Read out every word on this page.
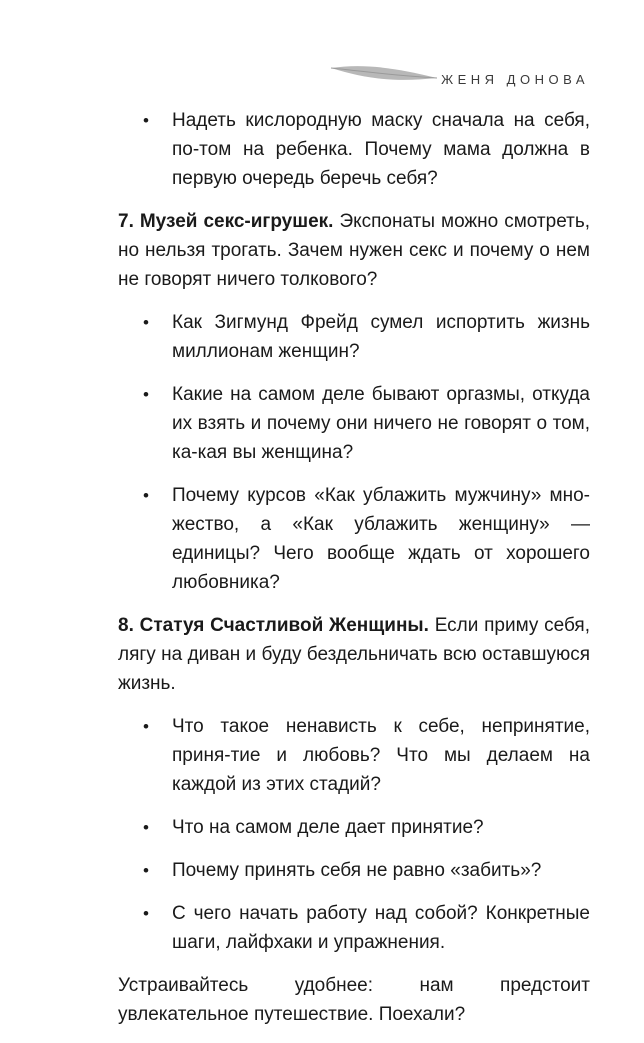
ЖЕНЯ ДОНОВА
• Надеть кислородную маску сначала на себя, по-том на ребенка. Почему мама должна в первую очередь беречь себя?

7. Музей секс-игрушек. Экспонаты можно смотреть, но нельзя трогать. Зачем нужен секс и почему о нем не говорят ничего толкового?

• Как Зигмунд Фрейд сумел испортить жизнь миллионам женщин?
• Какие на самом деле бывают оргазмы, откуда их взять и почему они ничего не говорят о том, ка-кая вы женщина?
• Почему курсов «Как ублажить мужчину» мно-жество, а «Как ублажить женщину» — единицы? Чего вообще ждать от хорошего любовника?

8. Статуя Счастливой Женщины. Если приму себя, лягу на диван и буду бездельничать всю оставшуюся жизнь.

• Что такое ненависть к себе, непринятие, приня-тие и любовь? Что мы делаем на каждой из этих стадий?
• Что на самом деле дает принятие?
• Почему принять себя не равно «забить»?
• С чего начать работу над собой? Конкретные шаги, лайфхаки и упражнения.

Устраивайтесь удобнее: нам предстоит увлекательное путешествие. Поехали?
